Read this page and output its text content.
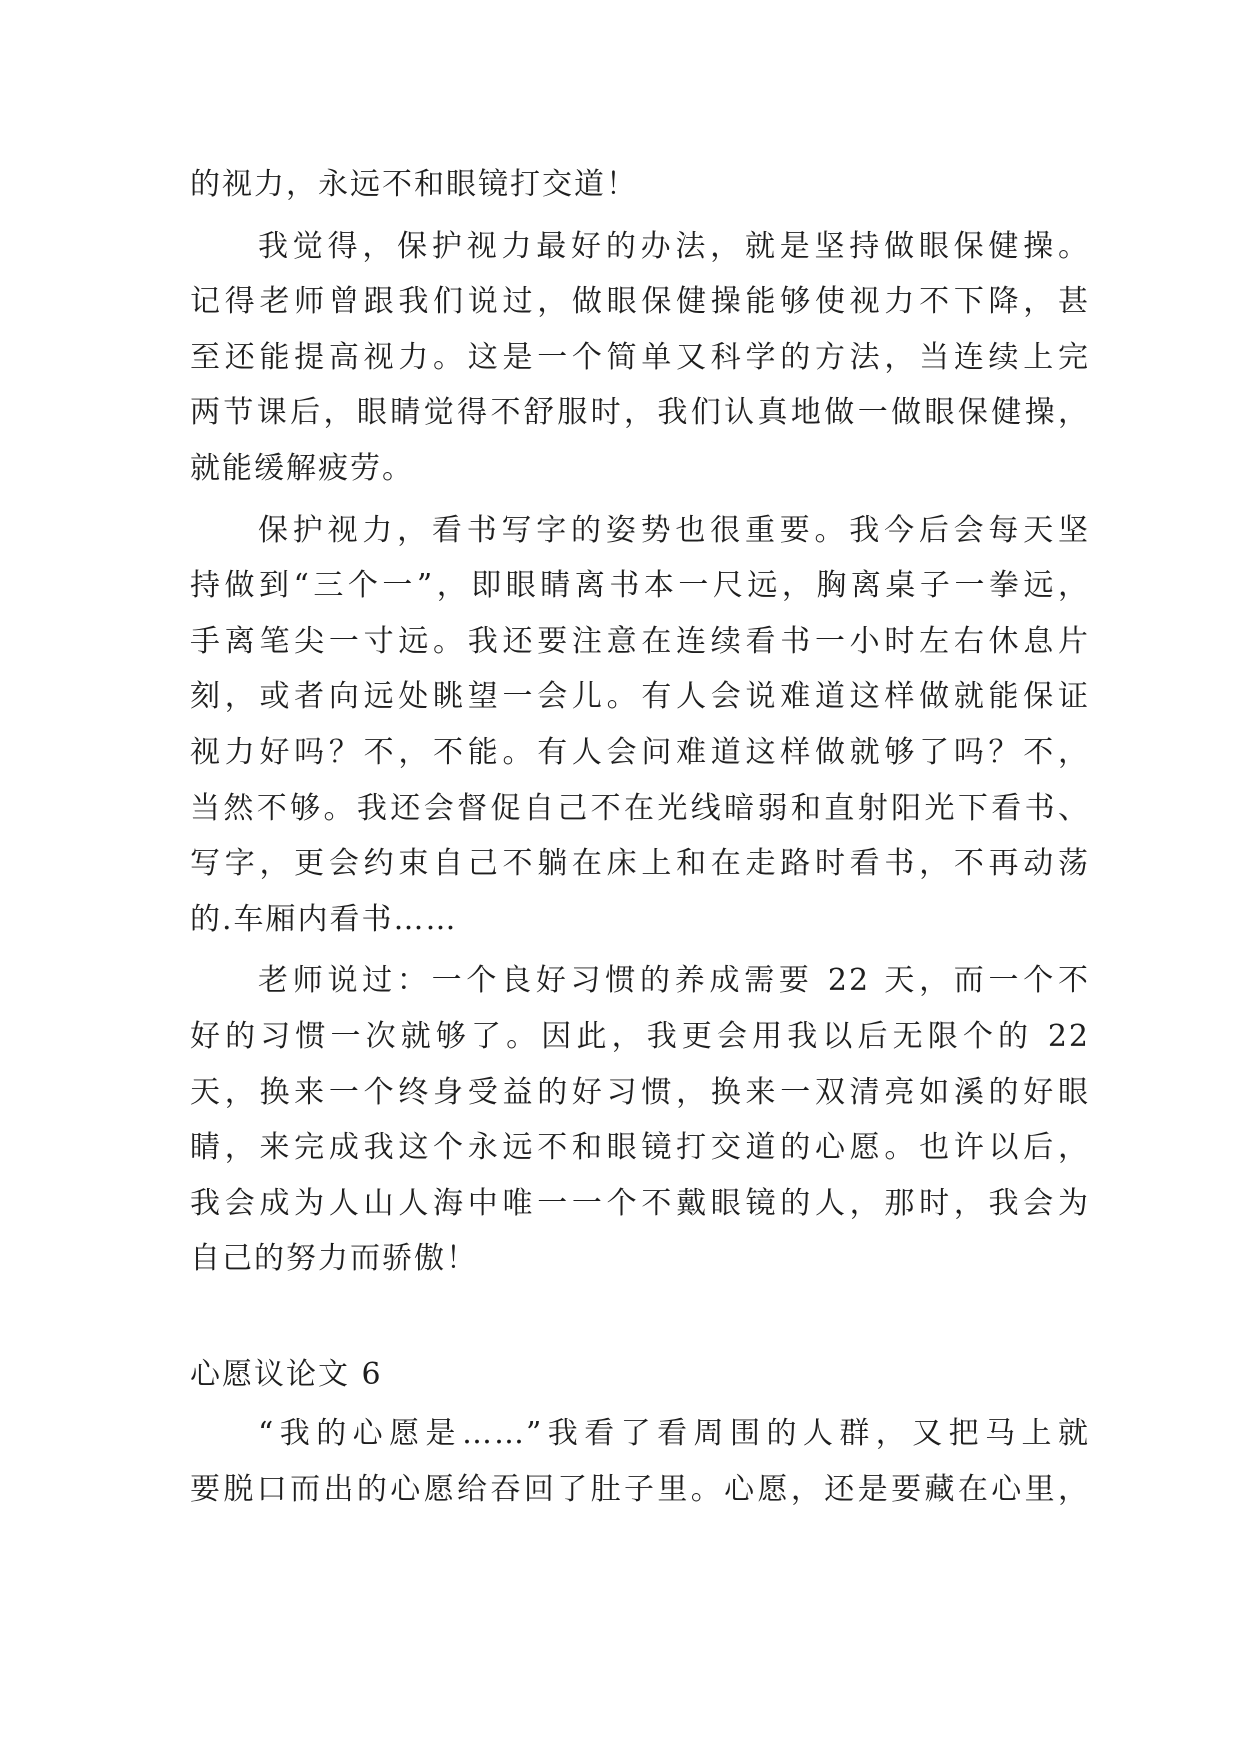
的视力，永远不和眼镜打交道！
我觉得，保护视力最好的办法，就是坚持做眼保健操。
记得老师曾跟我们说过，做眼保健操能够使视力不下降，甚
至还能提高视力。这是一个简单又科学的方法，当连续上完
两节课后，眼睛觉得不舒服时，我们认真地做一做眼保健操，
就能缓解疲劳。
保护视力，看书写字的姿势也很重要。我今后会每天坚
持做到“三个一”，即眼睛离书本一尺远，胸离桌子一拳远，
手离笔尖一寸远。我还要注意在连续看书一小时左右休息片
刻，或者向远处眺望一会儿。有人会说难道这样做就能保证
视力好吗？不，不能。有人会问难道这样做就够了吗？不，
当然不够。我还会督促自己不在光线暗弱和直射阳光下看书、
写字，更会约束自己不躺在床上和在走路时看书，不再动荡
的.车厢内看书……
老师说过：一个良好习惯的养成需要 22 天，而一个不
好的习惯一次就够了。因此，我更会用我以后无限个的 22
天，换来一个终身受益的好习惯，换来一双清亮如溪的好眼
睛，来完成我这个永远不和眼镜打交道的心愿。也许以后，
我会成为人山人海中唯一一个不戴眼镜的人，那时，我会为
自己的努力而骄傲！
心愿议论文 6
“我的心愿是……”我看了看周围的人群，又把马上就
要脱口而出的心愿给吞回了肚子里。心愿，还是要藏在心里，
